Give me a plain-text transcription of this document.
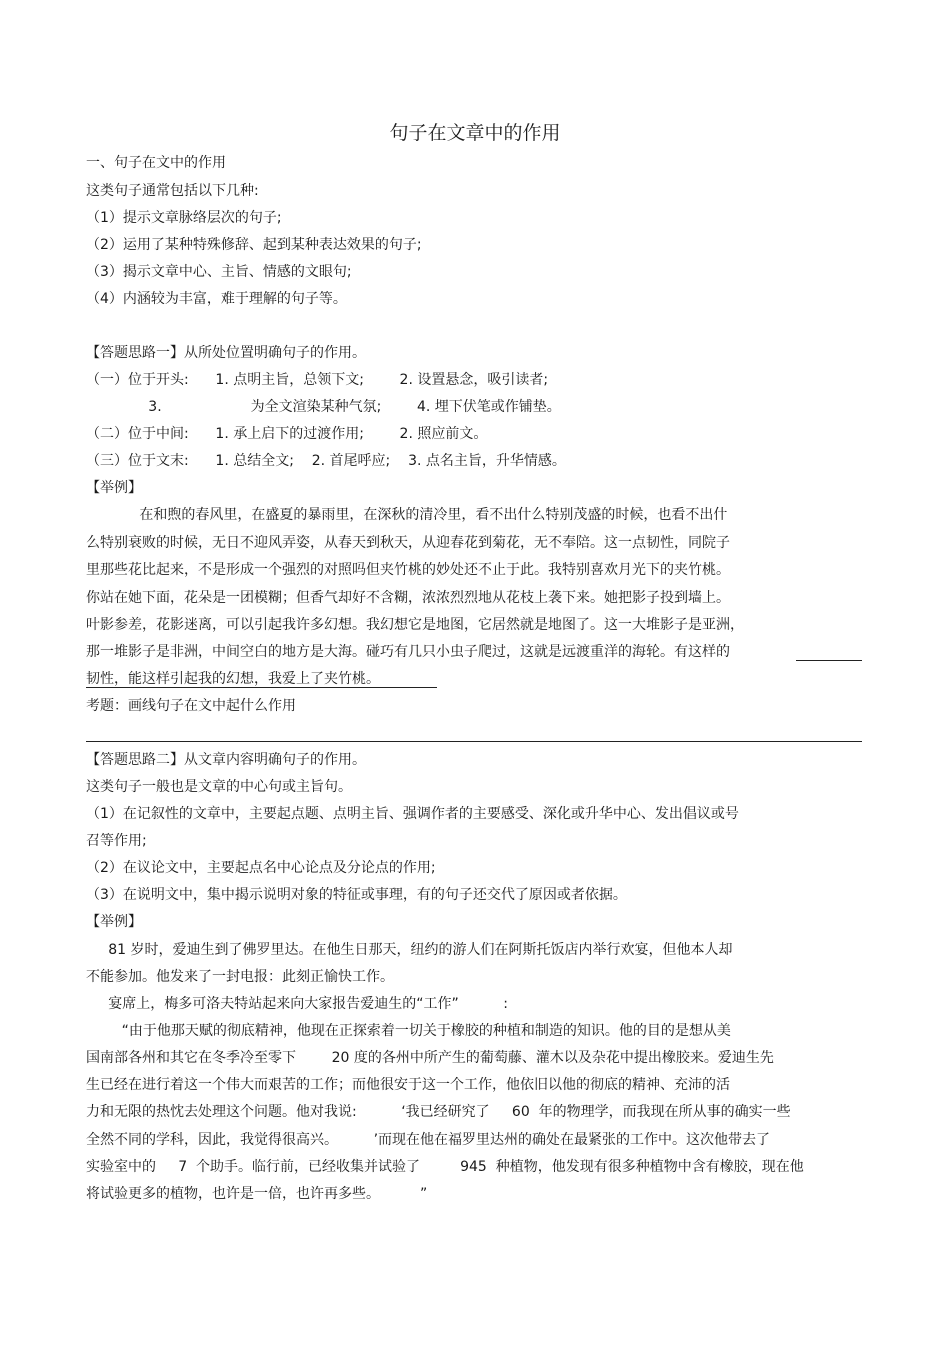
句子在文章中的作用
一、句子在文中的作用
这类句子通常包括以下几种:
（1）提示文章脉络层次的句子;
（2）运用了某种特殊修辞、起到某种表达效果的句子;
（3）揭示文章中心、主旨、情感的文眼句;
（4）内涵较为丰富，难于理解的句子等。
【答题思路一】从所处位置明确句子的作用。
（一）位于开头:      1. 点明主旨，总领下文;        2. 设置悬念，吸引读者;
3.                    为全文渲染某种气氛;        4. 埋下伏笔或作铺垫。
（二）位于中间:      1. 承上启下的过渡作用;        2. 照应前文。
（三）位于文末:      1. 总结全文;    2. 首尾呼应;    3. 点名主旨，升华情感。
【举例】
在和煦的春风里，在盛夏的暴雨里，在深秋的清冷里，看不出什么特别茂盛的时候，也看不出什
么特别衰败的时候，无日不迎风弄姿，从春天到秋天，从迎春花到菊花，无不奉陪。这一点韧性，同院子
里那些花比起来，不是形成一个强烈的对照吗但夹竹桃的妙处还不止于此。我特别喜欢月光下的夹竹桃。
你站在她下面，花朵是一团模糊；但香气却好不含糊，浓浓烈烈地从花枝上袭下来。她把影子投到墙上。
叶影参差，花影迷离，可以引起我许多幻想。我幻想它是地图，它居然就是地图了。这一大堆影子是亚洲，
那一堆影子是非洲，中间空白的地方是大海。碰巧有几只小虫子爬过，这就是远渡重洋的海轮。有这样的
韧性，能这样引起我的幻想，我爱上了夹竹桃。
考题：画线句子在文中起什么作用
【答题思路二】从文章内容明确句子的作用。
这类句子一般也是文章的中心句或主旨句。
（1）在记叙性的文章中，主要起点题、点明主旨、强调作者的主要感受、深化或升华中心、发出倡议或号
召等作用;
（2）在议论文中，主要起点名中心论点及分论点的作用;
（3）在说明文中，集中揭示说明对象的特征或事理，有的句子还交代了原因或者依据。
【举例】
81 岁时，爱迪生到了佛罗里达。在他生日那天，纽约的游人们在阿斯托饭店内举行欢宴，但他本人却
不能参加。他发来了一封电报：此刻正愉快工作。
宴席上，梅多可洛夫特站起来向大家报告爱迪生的“工作”          :
“由于他那天赋的彻底精神，他现在正探索着一切关于橡胶的种植和制造的知识。他的目的是想从美
国南部各州和其它在冬季冷至零下        20 度的各州中所产生的葡萄藤、灌木以及杂花中提出橡胶来。爱迪生先
生已经在进行着这一个伟大而艰苦的工作；而他很安于这一个工作，他依旧以他的彻底的精神、充沛的活
力和无限的热忱去处理这个问题。他对我说:          ‘我已经研究了     60  年的物理学，而我现在所从事的确实一些
全然不同的学科，因此，我觉得很高兴。        ’而现在他在福罗里达州的确处在最紧张的工作中。这次他带去了
实验室中的     7  个助手。临行前，已经收集并试验了         945  种植物，他发现有很多种植物中含有橡胶，现在他
将试验更多的植物，也许是一倍，也许再多些。         ”
